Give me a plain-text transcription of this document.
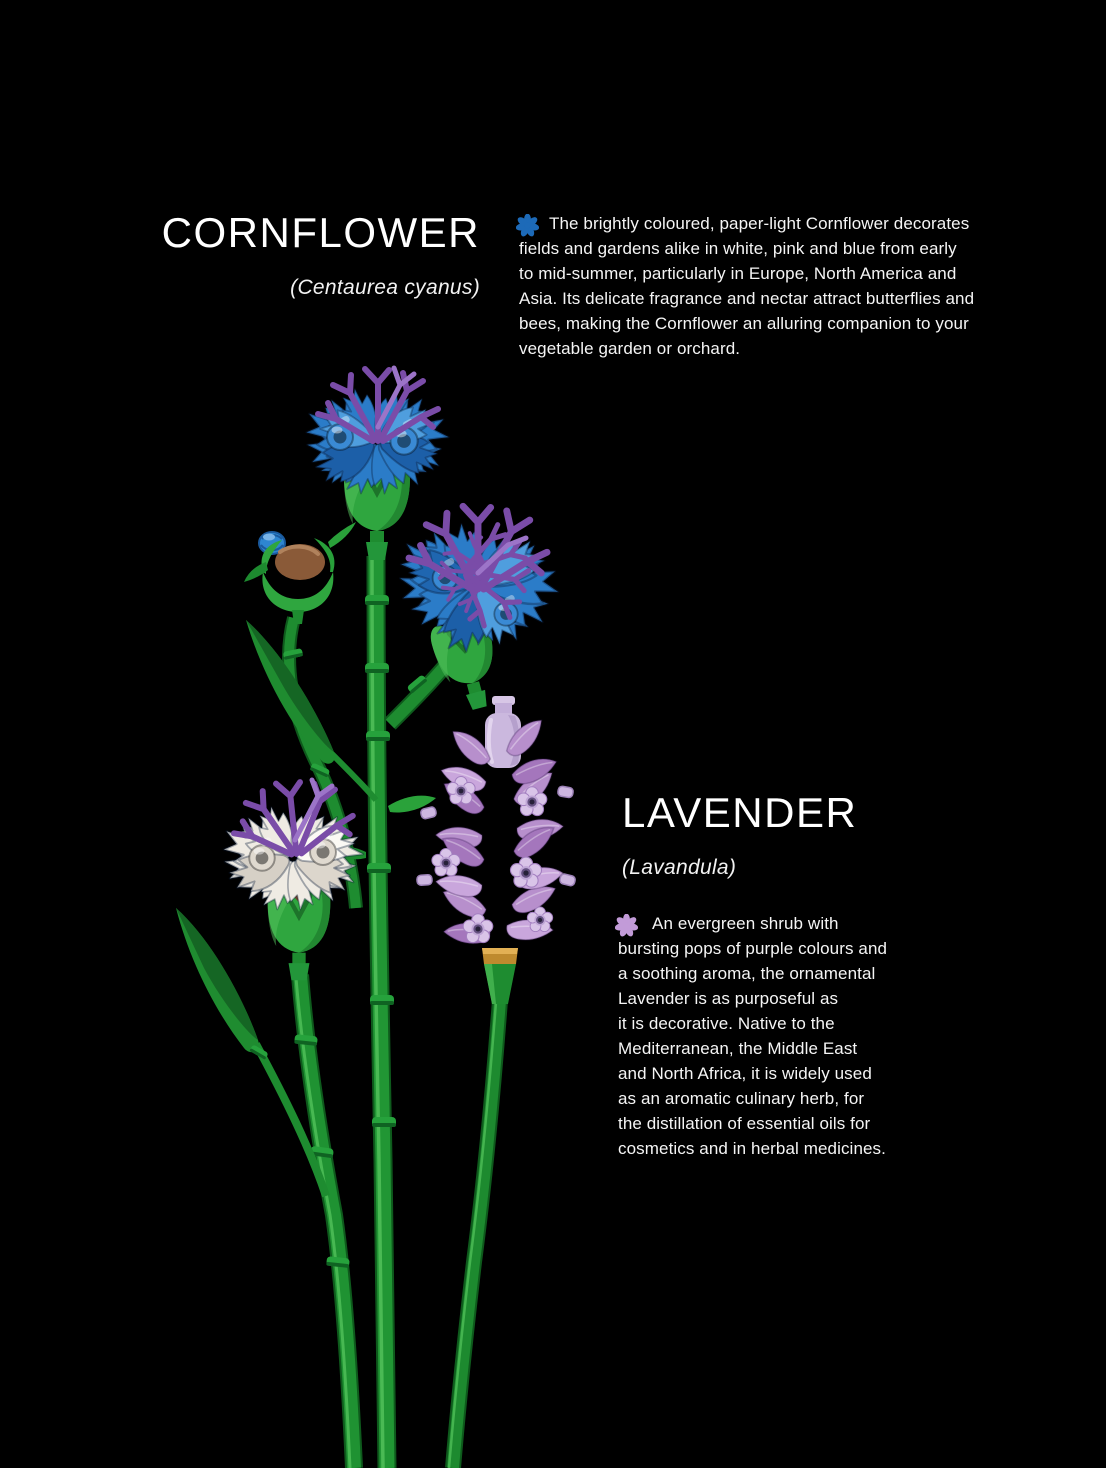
CORNFLOWER
(Centaurea cyanus)
The brightly coloured, paper-light Cornflower decorates
fields and gardens alike in white, pink and blue from early
to mid-summer, particularly in Europe, North America and
Asia. Its delicate fragrance and nectar attract butterflies and
bees, making the Cornflower an alluring companion to your
vegetable garden or orchard.
LAVENDER
(Lavandula)
An evergreen shrub with
bursting pops of purple colours and
a soothing aroma, the ornamental
Lavender is as purposeful as
it is decorative. Native to the
Mediterranean, the Middle East
and North Africa, it is widely used
as an aromatic culinary herb, for
the distillation of essential oils for
cosmetics and in herbal medicines.
